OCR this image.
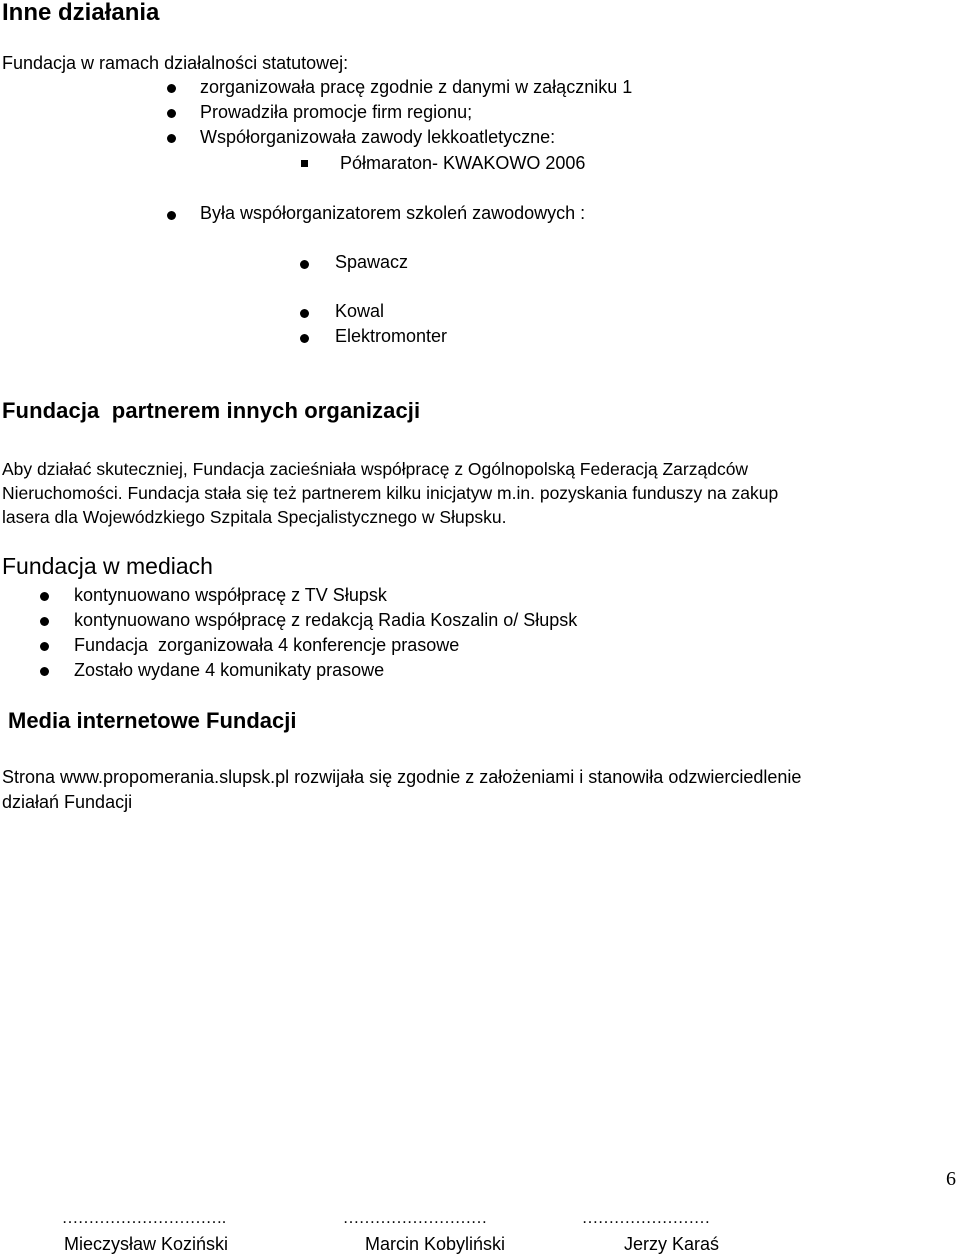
Inne działania
Fundacja w ramach działalności statutowej:
zorganizowała pracę zgodnie z danymi w załączniku 1
Prowadziła promocje firm regionu;
Współorganizowała zawody lekkoatletyczne:
Półmaraton- KWAKOWO 2006
Była współorganizatorem szkoleń zawodowych :
Spawacz
Kowal
Elektromonter
Fundacja  partnerem innych organizacji
Aby działać skuteczniej, Fundacja zacieśniała współpracę z Ogólnopolską Federacją Zarządców
Nieruchomości. Fundacja stała się też partnerem kilku inicjatyw m.in. pozyskania funduszy na zakup
lasera dla Wojewódzkiego Szpitala Specjalistycznego w Słupsku.
Fundacja w mediach
kontynuowano współpracę z TV Słupsk
kontynuowano współpracę z redakcją Radia Koszalin o/ Słupsk
Fundacja  zorganizowała 4 konferencje prasowe
Zostało wydane 4 komunikaty prasowe
Media internetowe Fundacji
Strona www.propomerania.slupsk.pl rozwijała się zgodnie z założeniami i stanowiła odzwierciedlenie
działań Fundacji
6
………………………….	………………………	……………………
Mieczysław Koziński	Marcin Kobyliński	Jerzy Karaś
